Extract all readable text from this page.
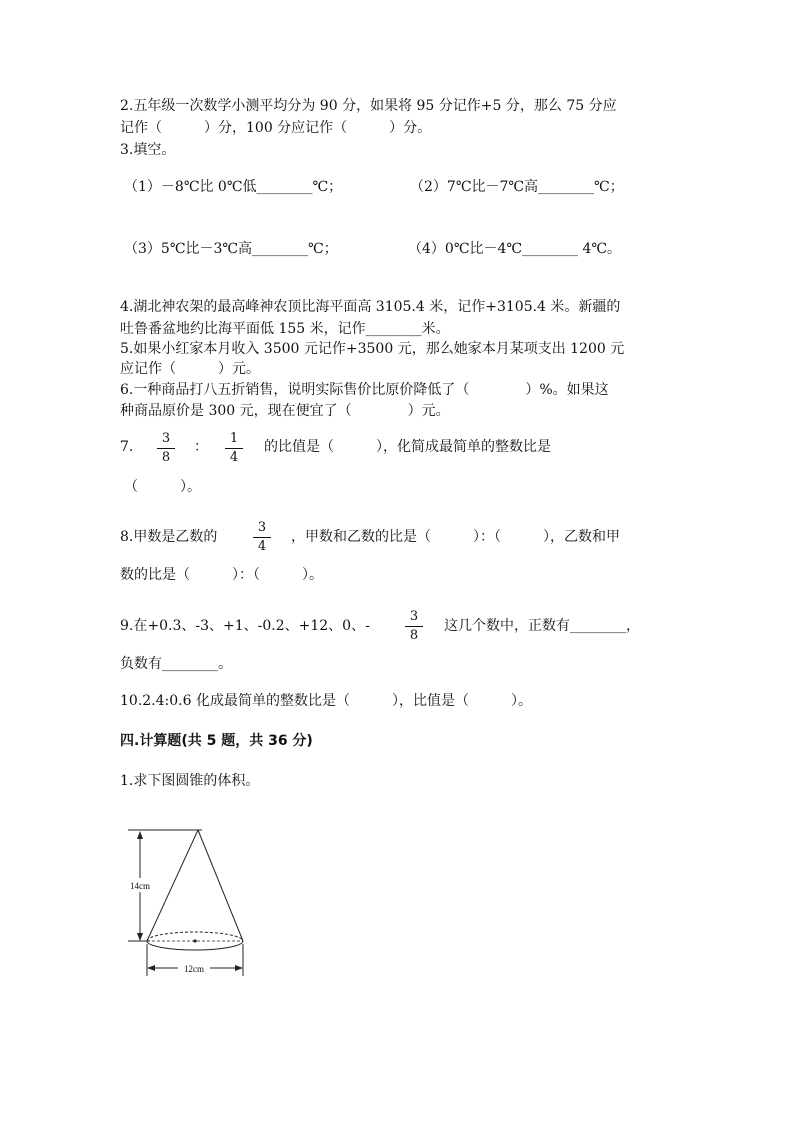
2.五年级一次数学小测平均分为 90 分，如果将 95 分记作+5 分，那么 75 分应
记作（　　　）分，100 分应记作（　　　）分。
3.填空。
（1）－8℃比 0℃低________℃；	（2）7℃比－7℃高________℃；
（3）5℃比－3℃高________℃；	（4）0℃比－4℃________ 4℃。
4.湖北神农架的最高峰神农顶比海平面高 3105.4 米，记作+3105.4 米。新疆的
吐鲁番盆地约比海平面低 155 米，记作________米。
5.如果小红家本月收入 3500 元记作+3500 元，那么她家本月某项支出 1200 元
应记作（　　　）元。
6.一种商品打八五折销售，说明实际售价比原价降低了（　　　　）%。如果这
种商品原价是 300 元，现在便宜了（　　　　）元。
7.
3
8
：
1
4
的比值是（　　　），化简成最简单的整数比是
（　　　）。
8.甲数是乙数的
3
4
，甲数和乙数的比是（　　　）：（　　　），乙数和甲
数的比是（　　　）：（　　　）。
9.在+0.3、-3、+1、-0.2、+12、0、-
3
8
这几个数中，正数有________，
负数有________。
10.2.4:0.6 化成最简单的整数比是（　　　），比值是（　　　）。
四.计算题(共 5 题，共 36 分)
1.求下图圆锥的体积。
14cm
12cm
